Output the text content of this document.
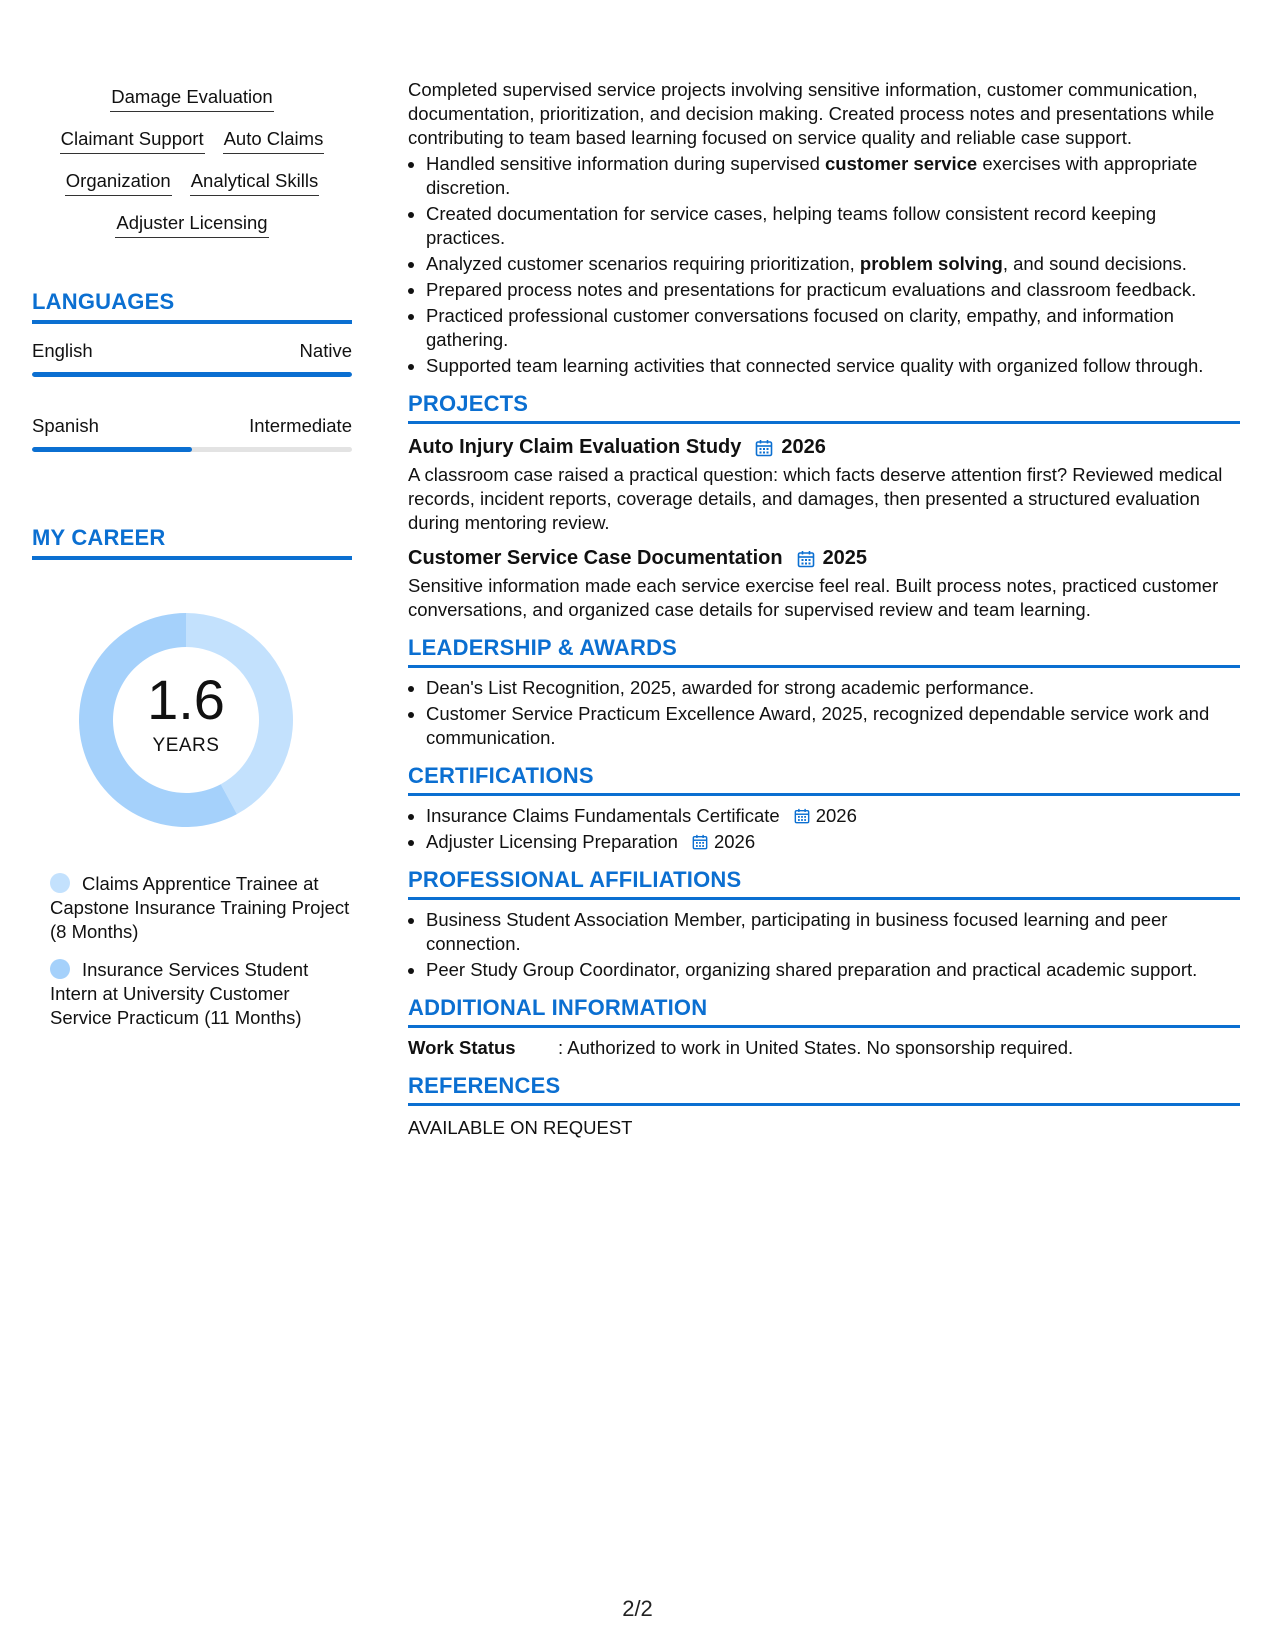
Damage Evaluation
Claimant Support Auto Claims
Organization Analytical Skills
Adjuster Licensing
LANGUAGES
English	Native
Spanish	Intermediate
MY CAREER
1.6
YEARS
Claims Apprentice Trainee at Capstone Insurance Training Project (8 Months)
Insurance Services Student Intern at University Customer Service Practicum (11 Months)

Completed supervised service projects involving sensitive information, customer communication, documentation, prioritization, and decision making. Created process notes and presentations while contributing to team based learning focused on service quality and reliable case support.

• Handled sensitive information during supervised customer service exercises with appropriate discretion.
• Created documentation for service cases, helping teams follow consistent record keeping practices.
• Analyzed customer scenarios requiring prioritization, problem solving, and sound decisions.
• Prepared process notes and presentations for practicum evaluations and classroom feedback.
• Practiced professional customer conversations focused on clarity, empathy, and information gathering.
• Supported team learning activities that connected service quality with organized follow through.
PROJECTS
Auto Injury Claim Evaluation Study 2026
A classroom case raised a practical question: which facts deserve attention first? Reviewed medical records, incident reports, coverage details, and damages, then presented a structured evaluation during mentoring review.
Customer Service Case Documentation 2025
Sensitive information made each service exercise feel real. Built process notes, practiced customer conversations, and organized case details for supervised review and team learning.
LEADERSHIP & AWARDS
• Dean's List Recognition, 2025, awarded for strong academic performance.
• Customer Service Practicum Excellence Award, 2025, recognized dependable service work and communication.
CERTIFICATIONS
• Insurance Claims Fundamentals Certificate 2026
• Adjuster Licensing Preparation 2026
PROFESSIONAL AFFILIATIONS
• Business Student Association Member, participating in business focused learning and peer connection.
• Peer Study Group Coordinator, organizing shared preparation and practical academic support.
ADDITIONAL INFORMATION
Work Status	: Authorized to work in United States. No sponsorship required.
REFERENCES
AVAILABLE ON REQUEST
2/2
